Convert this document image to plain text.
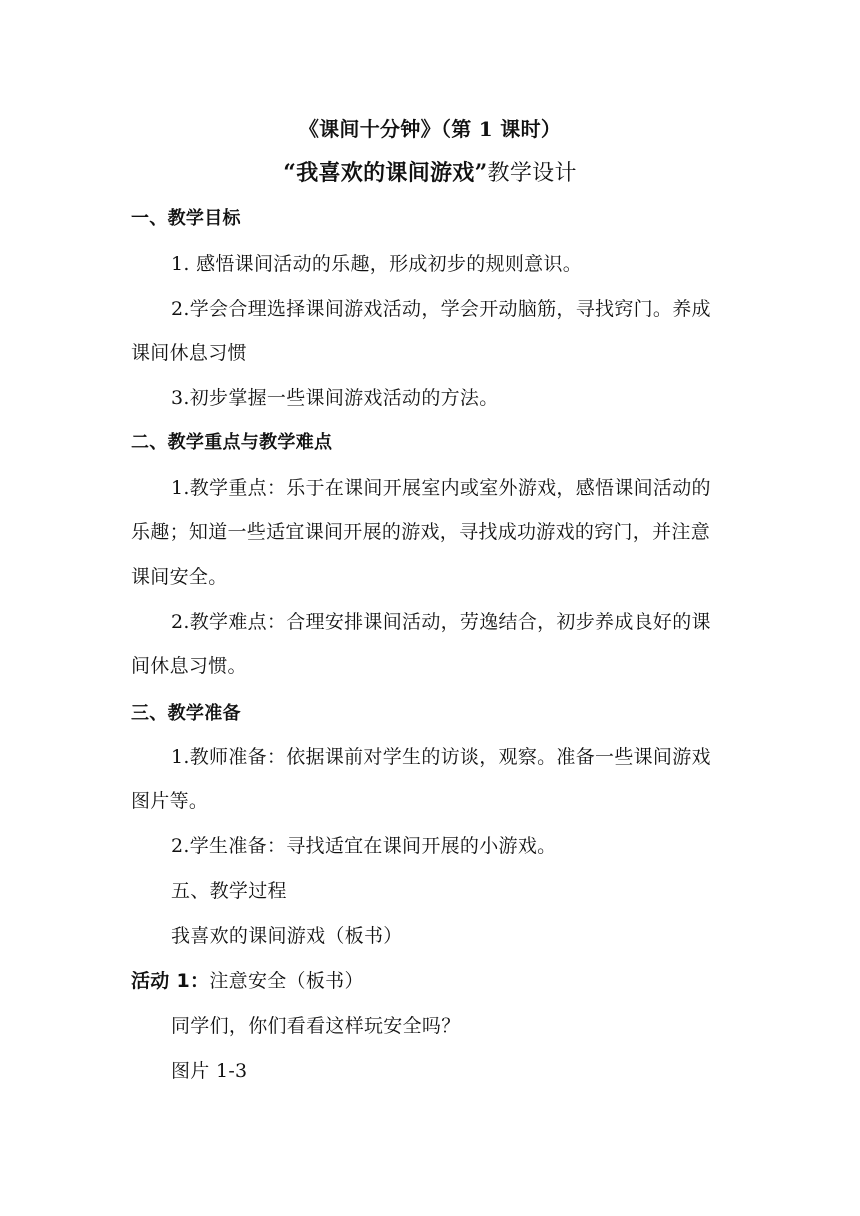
《课间十分钟》（第 1 课时）
“我喜欢的课间游戏”教学设计
一、教学目标
1. 感悟课间活动的乐趣，形成初步的规则意识。
2.学会合理选择课间游戏活动，学会开动脑筋，寻找窍门。养成
课间休息习惯
3.初步掌握一些课间游戏活动的方法。
二、教学重点与教学难点
1.教学重点：乐于在课间开展室内或室外游戏，感悟课间活动的
乐趣；知道一些适宜课间开展的游戏，寻找成功游戏的窍门，并注意
课间安全。
2.教学难点：合理安排课间活动，劳逸结合，初步养成良好的课
间休息习惯。
三、教学准备
1.教师准备：依据课前对学生的访谈，观察。准备一些课间游戏
图片等。
2.学生准备：寻找适宜在课间开展的小游戏。
五、教学过程
我喜欢的课间游戏（板书）
活动 1：注意安全（板书）
同学们，你们看看这样玩安全吗？
图片 1-3
